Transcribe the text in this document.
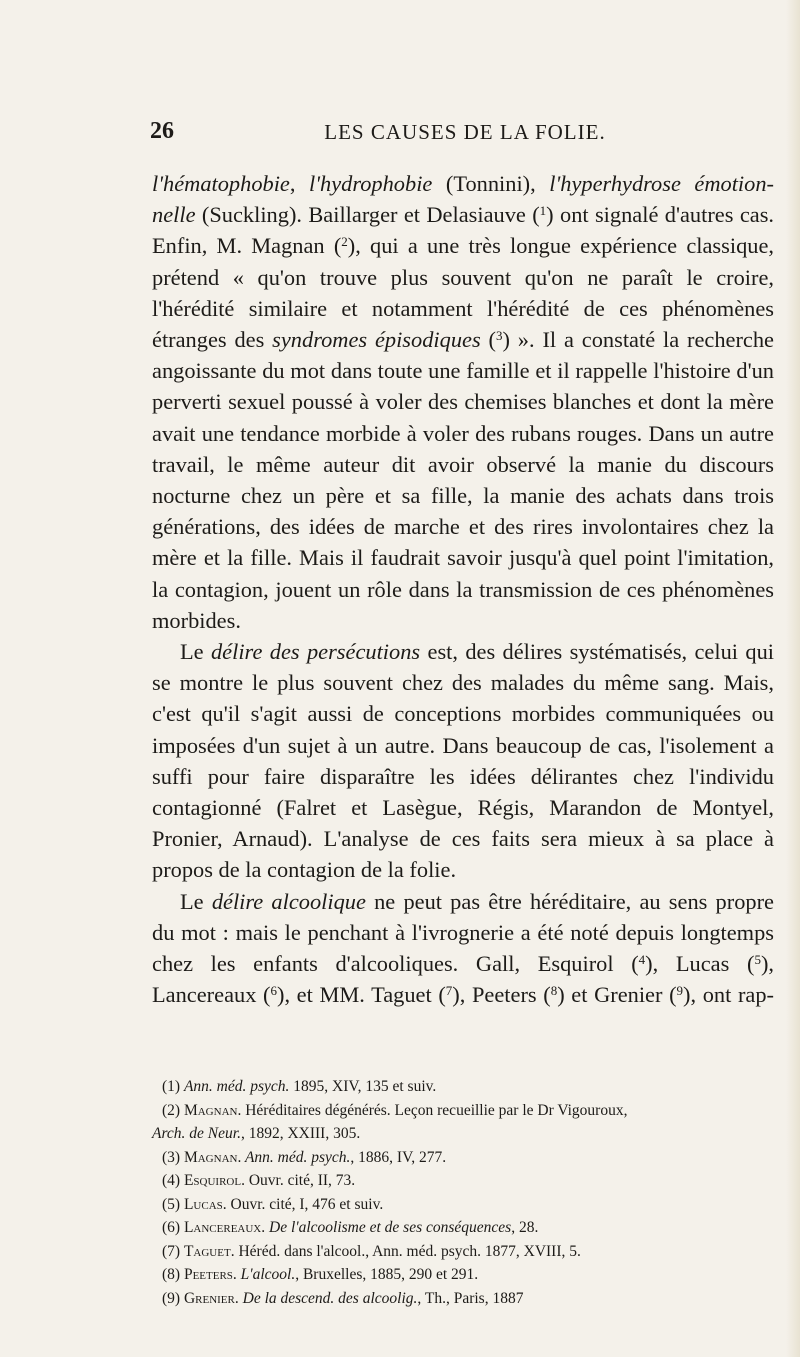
26	LES CAUSES DE LA FOLIE.

l'hématophobie, l'hydrophobie (Tonnini), l'hyperhydrose émotion-nelle (Suckling). Baillarger et Delasiauve ($^1$) ont signalé d'autres cas. Enfin, M. Magnan ($^2$), qui a une très longue expérience classique, prétend « qu'on trouve plus souvent qu'on ne paraît le croire, l'hérédité similaire et notamment l'hérédité de ces phénomènes étranges des syndromes épisodiques ($^3$) ». Il a constaté la recherche angoissante du mot dans toute une famille et il rappelle l'histoire d'un perverti sexuel poussé à voler des chemises blanches et dont la mère avait une tendance morbide à voler des rubans rouges. Dans un autre travail, le même auteur dit avoir observé la manie du discours nocturne chez un père et sa fille, la manie des achats dans trois générations, des idées de marche et des rires involontaires chez la mère et la fille. Mais il faudrait savoir jusqu'à quel point l'imitation, la contagion, jouent un rôle dans la transmission de ces phénomènes morbides.

Le délire des persécutions est, des délires systématisés, celui qui se montre le plus souvent chez des malades du même sang. Mais, c'est qu'il s'agit aussi de conceptions morbides communiquées ou imposées d'un sujet à un autre. Dans beaucoup de cas, l'isolement a suffi pour faire disparaître les idées délirantes chez l'individu contagionné (Falret et Lasègue, Régis, Marandon de Montyel, Pronier, Arnaud). L'analyse de ces faits sera mieux à sa place à propos de la contagion de la folie.

Le délire alcoolique ne peut pas être héréditaire, au sens propre du mot : mais le penchant à l'ivrognerie a été noté depuis longtemps chez les enfants d'alcooliques. Gall, Esquirol ($^4$), Lucas ($^5$), Lancereaux ($^6$), et MM. Taguet ($^7$), Peeters ($^8$) et Grenier ($^9$), ont rap-

(1) Ann. méd. psych. 1895, XIV, 135 et suiv.

(2) Magnan. Héréditaires dégénérés. Leçon recueillie par le Dr Vigouroux,

Arch. de Neur., 1892, XXIII, 305.

(3) Magnan. Ann. méd. psych., 1886, IV, 277.

(4) Esquirol. Ouvr. cité, II, 73.

(5) Lucas. Ouvr. cité, I, 476 et suiv.

(6) Lancereaux. De l'alcoolisme et de ses conséquences, 28.

(7) Taguet. Héréd. dans l'alcool., Ann. méd. psych. 1877, XVIII, 5.

(8) Peeters. L'alcool., Bruxelles, 1885, 290 et 291.

(9) Grenier. De la descend. des alcoolig., Th., Paris, 1887
